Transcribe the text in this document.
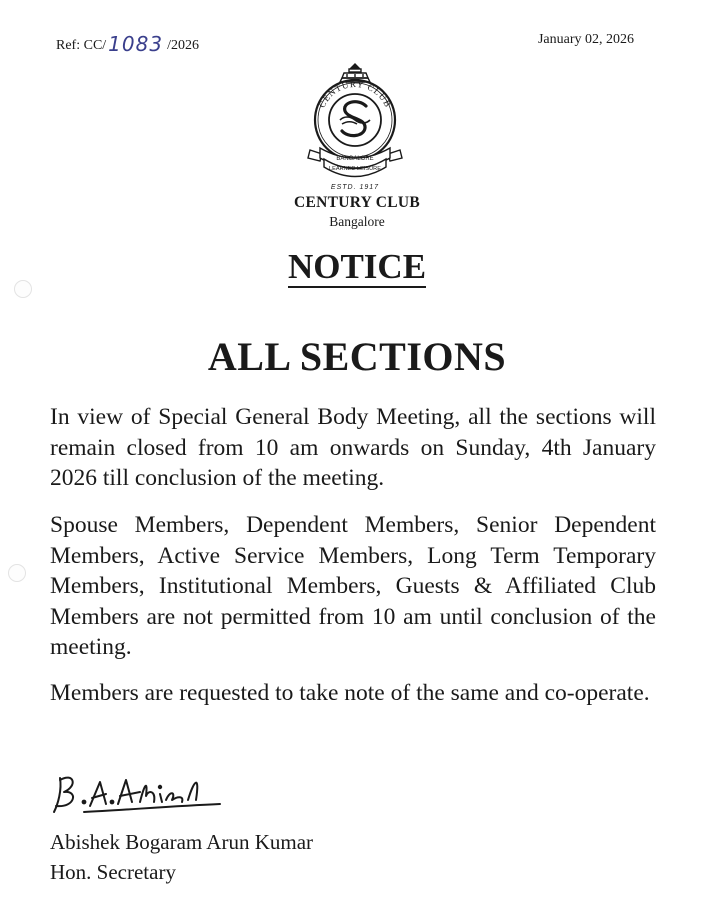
Ref: CC/ 1083 /2026	January 02, 2026
CENTURY CLUB
BANGALORE
LEARNED LEISURE
ESTD. 1917
CENTURY CLUB
Bangalore
NOTICE
ALL SECTIONS

In view of Special General Body Meeting, all the sections will remain closed from 10 am onwards on Sunday, 4th January 2026 till conclusion of the meeting.

Spouse Members, Dependent Members, Senior Dependent Members, Active Service Members, Long Term Temporary Members, Institutional Members, Guests & Affiliated Club Members are not permitted from 10 am until conclusion of the meeting.

Members are requested to take note of the same and co-operate.

Abishek Bogaram Arun Kumar
Hon. Secretary
